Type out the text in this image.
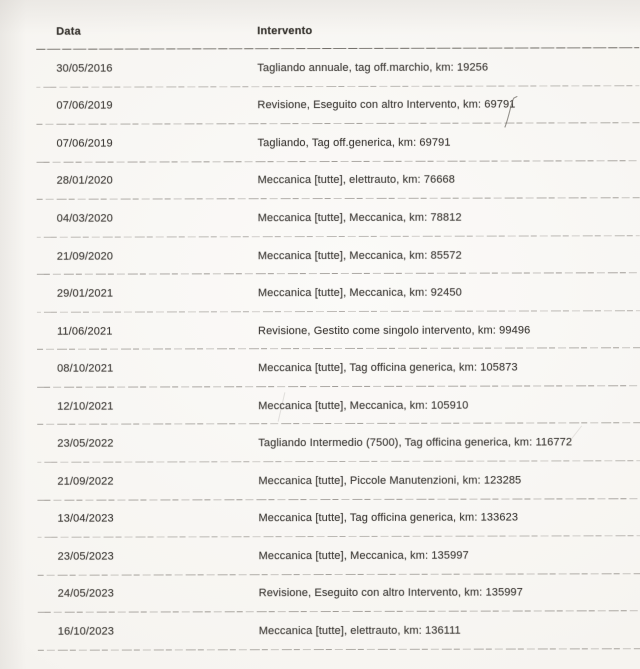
Data	Intervento
30/05/2016	Tagliando annuale, tag off.marchio, km: 19256
07/06/2019	Revisione, Eseguito con altro Intervento, km: 69791
07/06/2019	Tagliando, Tag off.generica, km: 69791
28/01/2020	Meccanica [tutte], elettrauto, km: 76668
04/03/2020	Meccanica [tutte], Meccanica, km: 78812
21/09/2020	Meccanica [tutte], Meccanica, km: 85572
29/01/2021	Meccanica [tutte], Meccanica, km: 92450
11/06/2021	Revisione, Gestito come singolo intervento, km: 99496
08/10/2021	Meccanica [tutte], Tag officina generica, km: 105873
12/10/2021	Meccanica [tutte], Meccanica, km: 105910
23/05/2022	Tagliando Intermedio (7500), Tag officina generica, km: 116772
21/09/2022	Meccanica [tutte], Piccole Manutenzioni, km: 123285
13/04/2023	Meccanica [tutte], Tag officina generica, km: 133623
23/05/2023	Meccanica [tutte], Meccanica, km: 135997
24/05/2023	Revisione, Eseguito con altro Intervento, km: 135997
16/10/2023	Meccanica [tutte], elettrauto, km: 136111
